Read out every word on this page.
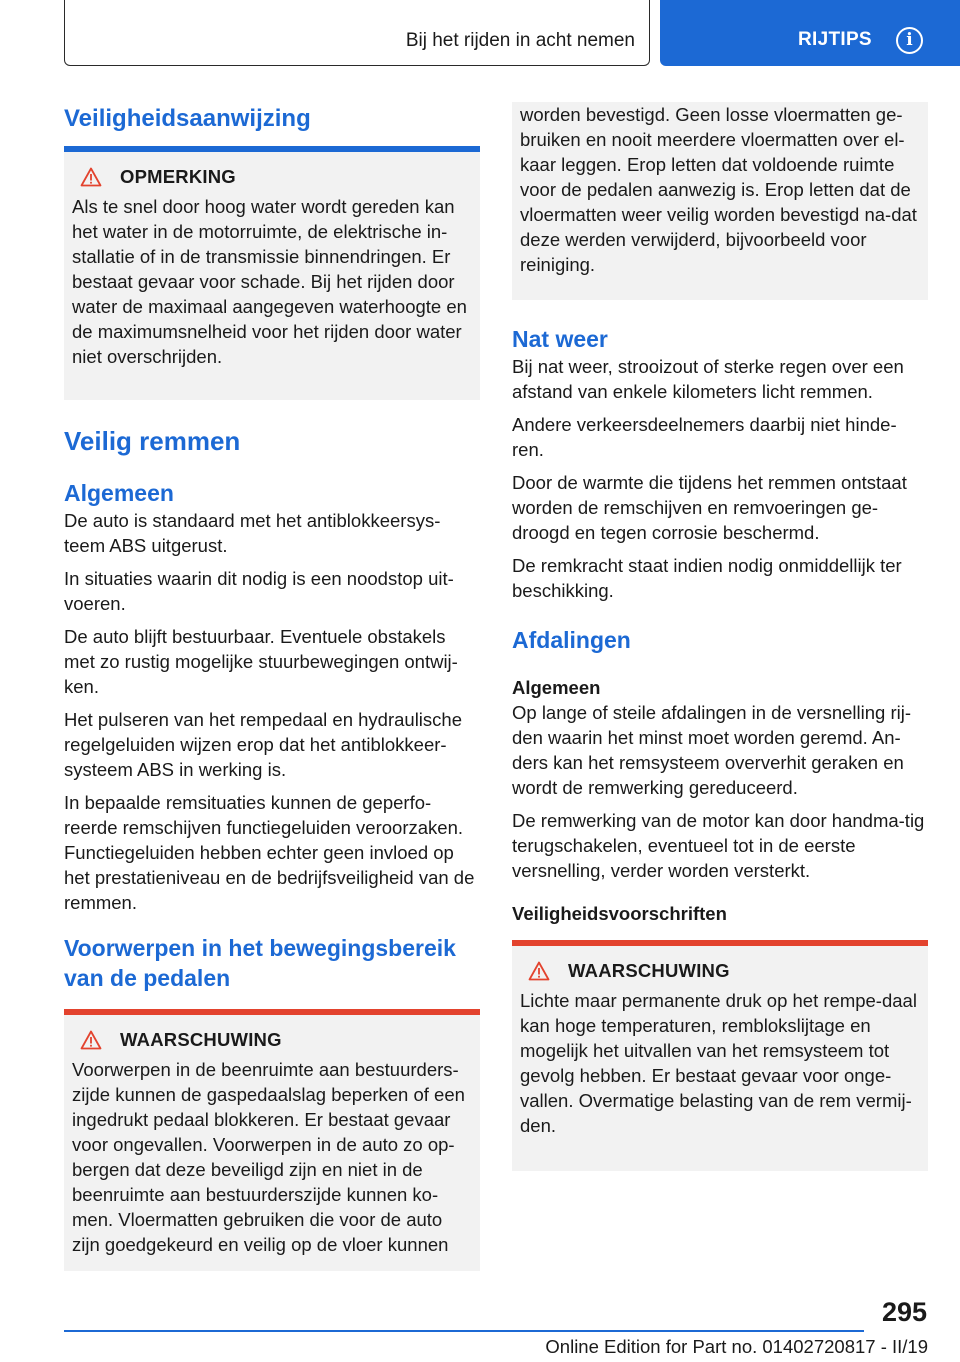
Bij het rijden in acht nemen	RIJTIPS	i
Veiligheidsaanwijzing
OPMERKING
Als te snel door hoog water wordt gereden kan het water in de motorruimte, de elektrische in-stallatie of in de transmissie binnendringen. Er bestaat gevaar voor schade. Bij het rijden door water de maximaal aangegeven waterhoogte en de maximumsnelheid voor het rijden door water niet overschrijden.
Veilig remmen
Algemeen

De auto is standaard met het antiblokkeersys-teem ABS uitgerust.

In situaties waarin dit nodig is een noodstop uit-voeren.

De auto blijft bestuurbaar. Eventuele obstakels met zo rustig mogelijke stuurbewegingen ontwij-ken.

Het pulseren van het rempedaal en hydraulische regelgeluiden wijzen erop dat het antiblokkeer-systeem ABS in werking is.

In bepaalde remsituaties kunnen de geperfo-reerde remschijven functiegeluiden veroorzaken. Functiegeluiden hebben echter geen invloed op het prestatieniveau en de bedrijfsveiligheid van de remmen.

Voorwerpen in het bewegingsbereik van de pedalen
WAARSCHUWING
Voorwerpen in de beenruimte aan bestuurders-zijde kunnen de gaspedaalslag beperken of een ingedrukt pedaal blokkeren. Er bestaat gevaar voor ongevallen. Voorwerpen in de auto zo op-bergen dat deze beveiligd zijn en niet in de beenruimte aan bestuurderszijde kunnen ko-men. Vloermatten gebruiken die voor de auto zijn goedgekeurd en veilig op de vloer kunnen
worden bevestigd. Geen losse vloermatten ge-bruiken en nooit meerdere vloermatten over el-kaar leggen. Erop letten dat voldoende ruimte voor de pedalen aanwezig is. Erop letten dat de vloermatten weer veilig worden bevestigd na-dat deze werden verwijderd, bijvoorbeeld voor reiniging.
Nat weer

Bij nat weer, strooizout of sterke regen over een afstand van enkele kilometers licht remmen.

Andere verkeersdeelnemers daarbij niet hinde-ren.

Door de warmte die tijdens het remmen ontstaat worden de remschijven en remvoeringen ge-droogd en tegen corrosie beschermd.

De remkracht staat indien nodig onmiddellijk ter beschikking.

Afdalingen
Algemeen

Op lange of steile afdalingen in de versnelling rij-den waarin het minst moet worden geremd. An-ders kan het remsysteem oververhit geraken en wordt de remwerking gereduceerd.

De remwerking van de motor kan door handma-tig terugschakelen, eventueel tot in de eerste versnelling, verder worden versterkt.

Veiligheidsvoorschriften
WAARSCHUWING
Lichte maar permanente druk op het rempe-daal kan hoge temperaturen, remblokslijtage en mogelijk het uitvallen van het remsysteem tot gevolg hebben. Er bestaat gevaar voor onge-vallen. Overmatige belasting van de rem vermij-den.
295
Online Edition for Part no. 01402720817 - II/19
